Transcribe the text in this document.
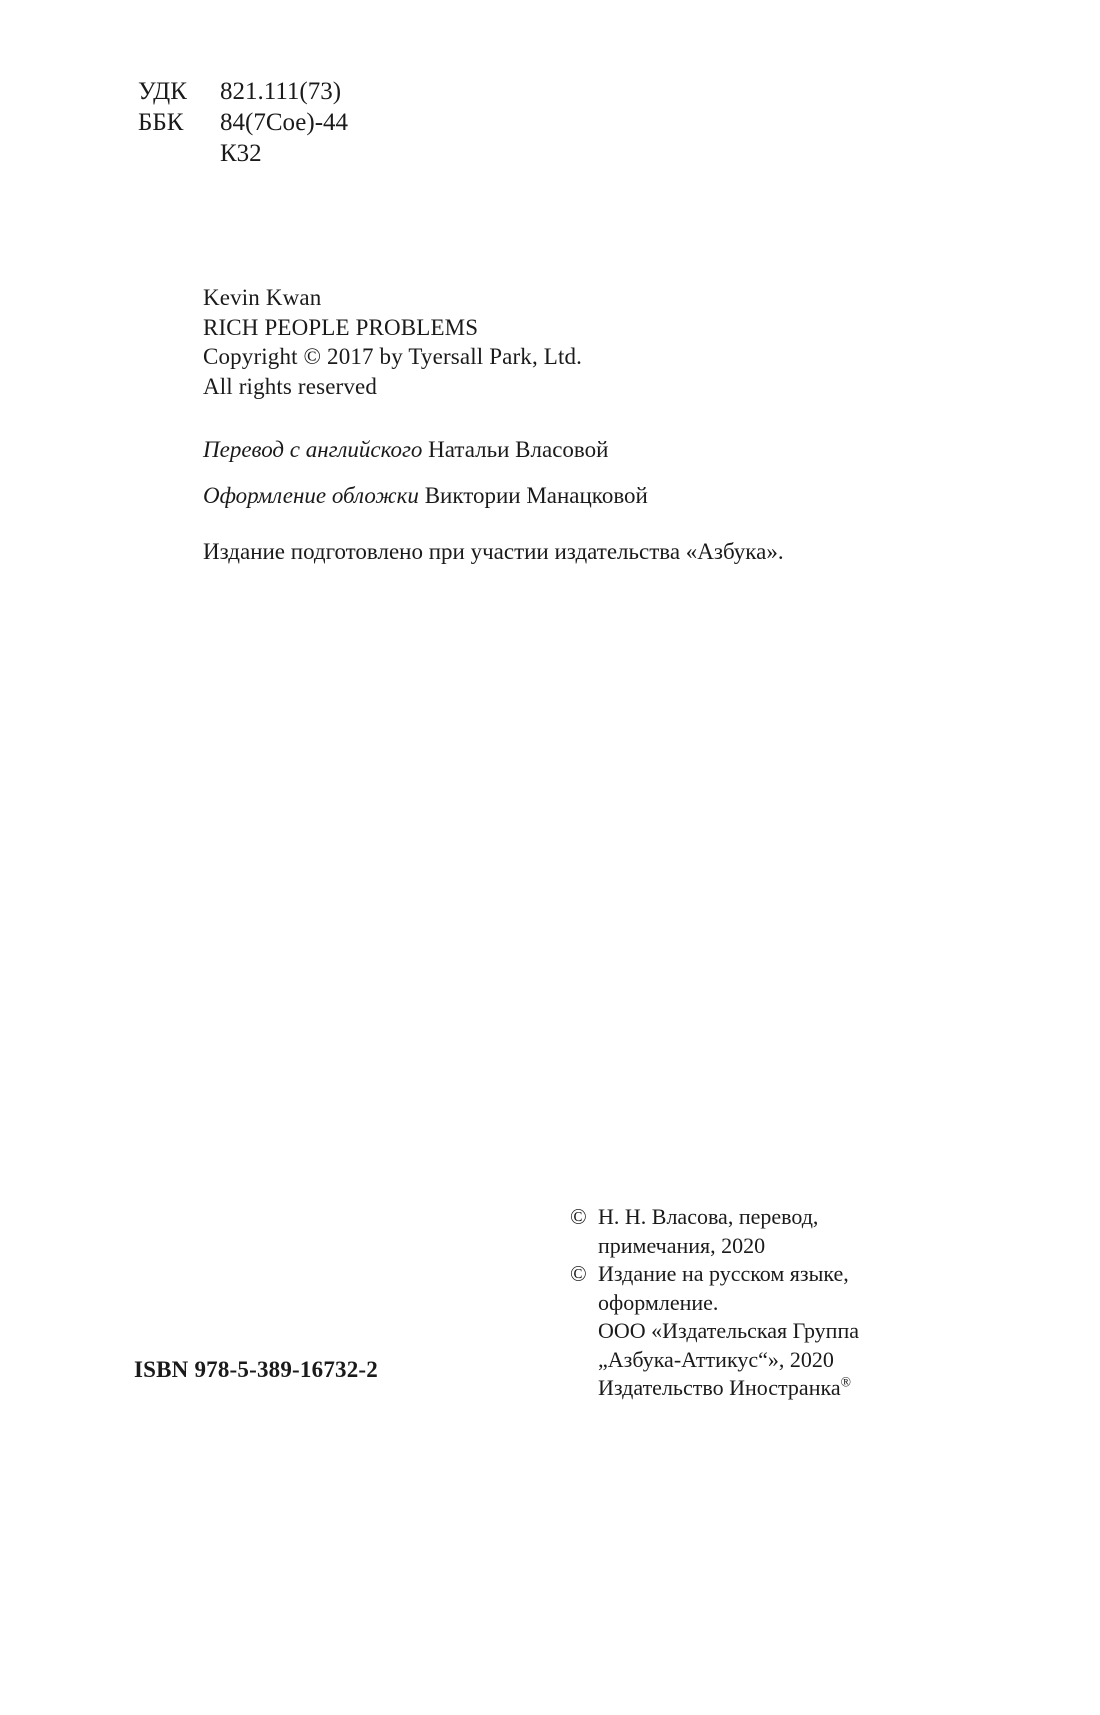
УДК	821.111(73)
ББК	84(7Сое)-44
К32
Kevin Kwan
RICH PEOPLE PROBLEMS
Copyright © 2017 by Tyersall Park, Ltd.
All rights reserved
Перевод с английского Натальи Власовой
Оформление обложки Виктории Манацковой
Издание подготовлено при участии издательства «Азбука».
© Н. Н. Власова, перевод,
примечания, 2020
© Издание на русском языке,
оформление.
ООО «Издательская Группа
„Азбука-Аттикус“», 2020
Издательство Иностранка®
ISBN 978-5-389-16732-2
